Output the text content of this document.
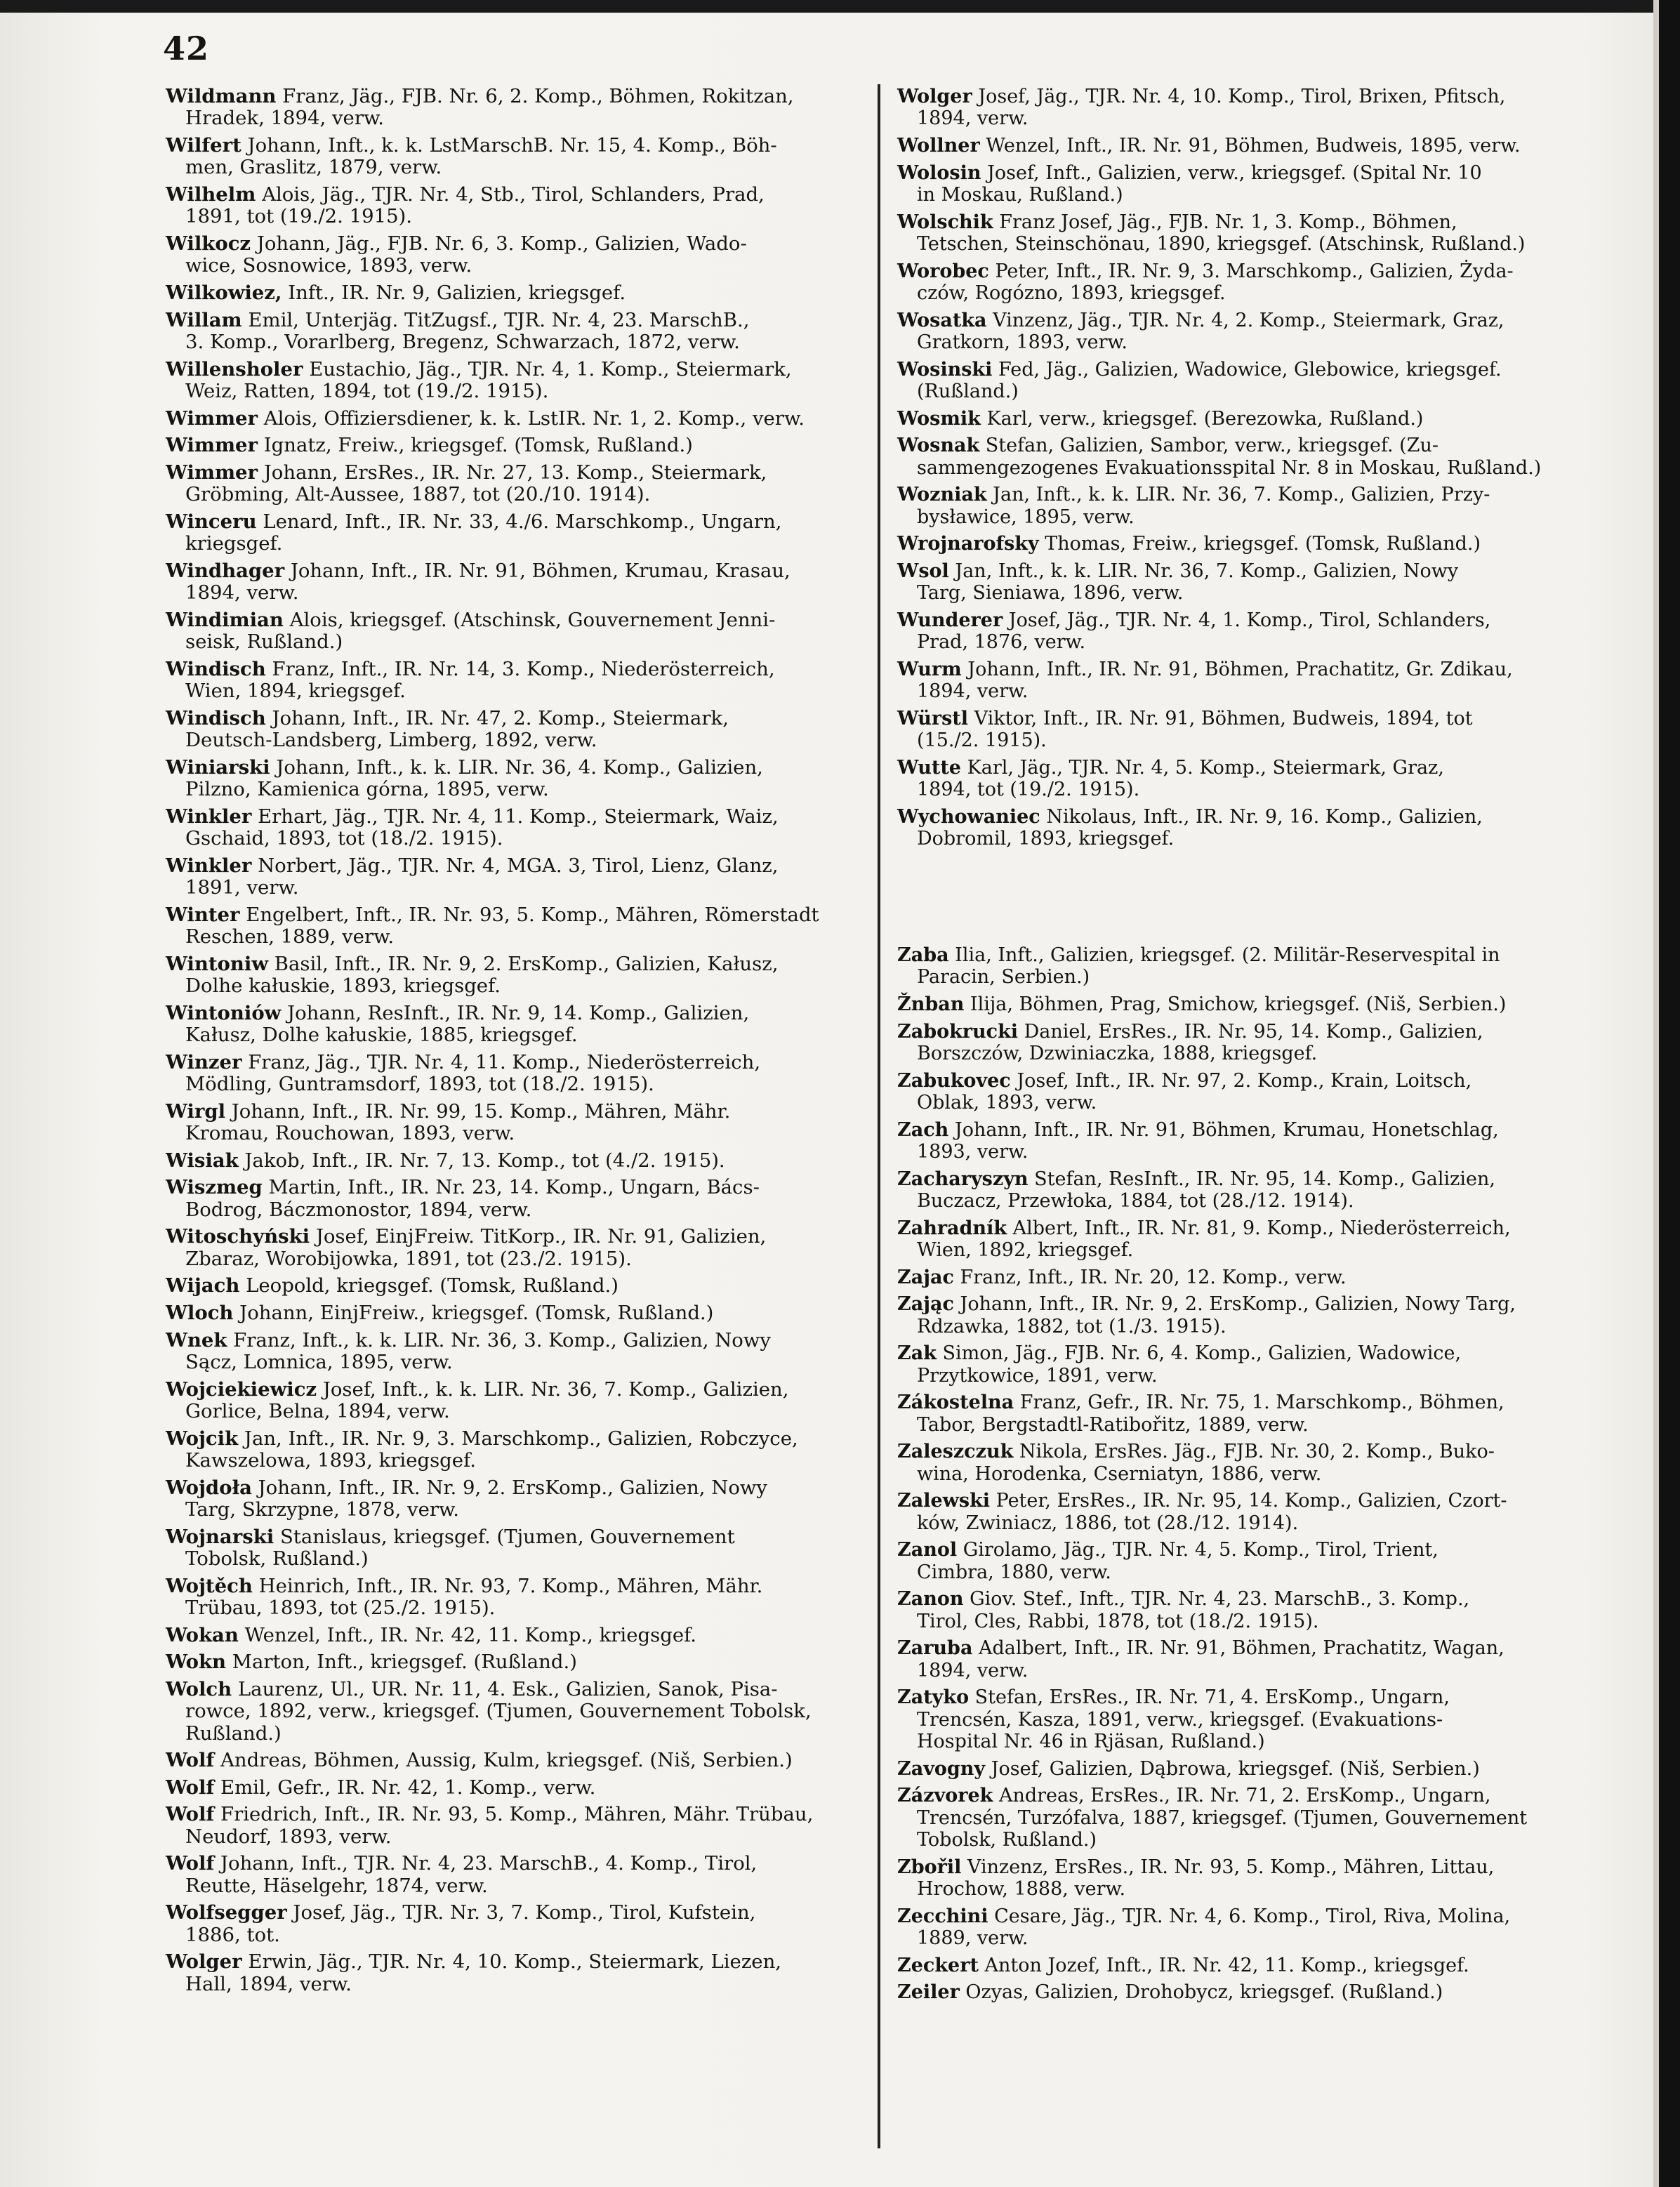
42
Wildmann Franz, Jäg., FJB. Nr. 6, 2. Komp., Böhmen, Rokitzan,
Hradek, 1894, verw.
Wilfert Johann, Inft., k. k. LstMarschB. Nr. 15, 4. Komp., Böh-
men, Graslitz, 1879, verw.
Wilhelm Alois, Jäg., TJR. Nr. 4, Stb., Tirol, Schlanders, Prad,
1891, tot (19./2. 1915).
Wilkocz Johann, Jäg., FJB. Nr. 6, 3. Komp., Galizien, Wado-
wice, Sosnowice, 1893, verw.
Wilkowiez, Inft., IR. Nr. 9, Galizien, kriegsgef.
Willam Emil, Unterjäg. TitZugsf., TJR. Nr. 4, 23. MarschB.,
3. Komp., Vorarlberg, Bregenz, Schwarzach, 1872, verw.
Willensholer Eustachio, Jäg., TJR. Nr. 4, 1. Komp., Steiermark,
Weiz, Ratten, 1894, tot (19./2. 1915).
Wimmer Alois, Offiziersdiener, k. k. LstIR. Nr. 1, 2. Komp., verw.
Wimmer Ignatz, Freiw., kriegsgef. (Tomsk, Rußland.)
Wimmer Johann, ErsRes., IR. Nr. 27, 13. Komp., Steiermark,
Gröbming, Alt-Aussee, 1887, tot (20./10. 1914).
Winceru Lenard, Inft., IR. Nr. 33, 4./6. Marschkomp., Ungarn,
kriegsgef.
Windhager Johann, Inft., IR. Nr. 91, Böhmen, Krumau, Krasau,
1894, verw.
Windimian Alois, kriegsgef. (Atschinsk, Gouvernement Jenni-
seisk, Rußland.)
Windisch Franz, Inft., IR. Nr. 14, 3. Komp., Niederösterreich,
Wien, 1894, kriegsgef.
Windisch Johann, Inft., IR. Nr. 47, 2. Komp., Steiermark,
Deutsch-Landsberg, Limberg, 1892, verw.
Winiarski Johann, Inft., k. k. LIR. Nr. 36, 4. Komp., Galizien,
Pilzno, Kamienica górna, 1895, verw.
Winkler Erhart, Jäg., TJR. Nr. 4, 11. Komp., Steiermark, Waiz,
Gschaid, 1893, tot (18./2. 1915).
Winkler Norbert, Jäg., TJR. Nr. 4, MGA. 3, Tirol, Lienz, Glanz,
1891, verw.
Winter Engelbert, Inft., IR. Nr. 93, 5. Komp., Mähren, Römerstadt
Reschen, 1889, verw.
Wintoniw Basil, Inft., IR. Nr. 9, 2. ErsKomp., Galizien, Kałusz,
Dolhe kałuskie, 1893, kriegsgef.
Wintoniów Johann, ResInft., IR. Nr. 9, 14. Komp., Galizien,
Kałusz, Dolhe kałuskie, 1885, kriegsgef.
Winzer Franz, Jäg., TJR. Nr. 4, 11. Komp., Niederösterreich,
Mödling, Guntramsdorf, 1893, tot (18./2. 1915).
Wirgl Johann, Inft., IR. Nr. 99, 15. Komp., Mähren, Mähr.
Kromau, Rouchowan, 1893, verw.
Wisiak Jakob, Inft., IR. Nr. 7, 13. Komp., tot (4./2. 1915).
Wiszmeg Martin, Inft., IR. Nr. 23, 14. Komp., Ungarn, Bács-
Bodrog, Báczmonostor, 1894, verw.
Witoschyński Josef, EinjFreiw. TitKorp., IR. Nr. 91, Galizien,
Zbaraz, Worobijowka, 1891, tot (23./2. 1915).
Wijach Leopold, kriegsgef. (Tomsk, Rußland.)
Wloch Johann, EinjFreiw., kriegsgef. (Tomsk, Rußland.)
Wnek Franz, Inft., k. k. LIR. Nr. 36, 3. Komp., Galizien, Nowy
Sącz, Lomnica, 1895, verw.
Wojciekiewicz Josef, Inft., k. k. LIR. Nr. 36, 7. Komp., Galizien,
Gorlice, Belna, 1894, verw.
Wojcik Jan, Inft., IR. Nr. 9, 3. Marschkomp., Galizien, Robczyce,
Kawszelowa, 1893, kriegsgef.
Wojdoła Johann, Inft., IR. Nr. 9, 2. ErsKomp., Galizien, Nowy
Targ, Skrzypne, 1878, verw.
Wojnarski Stanislaus, kriegsgef. (Tjumen, Gouvernement
Tobolsk, Rußland.)
Wojtěch Heinrich, Inft., IR. Nr. 93, 7. Komp., Mähren, Mähr.
Trübau, 1893, tot (25./2. 1915).
Wokan Wenzel, Inft., IR. Nr. 42, 11. Komp., kriegsgef.
Wokn Marton, Inft., kriegsgef. (Rußland.)
Wolch Laurenz, Ul., UR. Nr. 11, 4. Esk., Galizien, Sanok, Pisa-
rowce, 1892, verw., kriegsgef. (Tjumen, Gouvernement Tobolsk,
Rußland.)
Wolf Andreas, Böhmen, Aussig, Kulm, kriegsgef. (Niš, Serbien.)
Wolf Emil, Gefr., IR. Nr. 42, 1. Komp., verw.
Wolf Friedrich, Inft., IR. Nr. 93, 5. Komp., Mähren, Mähr. Trübau,
Neudorf, 1893, verw.
Wolf Johann, Inft., TJR. Nr. 4, 23. MarschB., 4. Komp., Tirol,
Reutte, Häselgehr, 1874, verw.
Wolfsegger Josef, Jäg., TJR. Nr. 3, 7. Komp., Tirol, Kufstein,
1886, tot.
Wolger Erwin, Jäg., TJR. Nr. 4, 10. Komp., Steiermark, Liezen,
Hall, 1894, verw.
Wolger Josef, Jäg., TJR. Nr. 4, 10. Komp., Tirol, Brixen, Pfitsch,
1894, verw.
Wollner Wenzel, Inft., IR. Nr. 91, Böhmen, Budweis, 1895, verw.
Wolosin Josef, Inft., Galizien, verw., kriegsgef. (Spital Nr. 10
in Moskau, Rußland.)
Wolschik Franz Josef, Jäg., FJB. Nr. 1, 3. Komp., Böhmen,
Tetschen, Steinschönau, 1890, kriegsgef. (Atschinsk, Rußland.)
Worobec Peter, Inft., IR. Nr. 9, 3. Marschkomp., Galizien, Żyda-
czów, Rogózno, 1893, kriegsgef.
Wosatka Vinzenz, Jäg., TJR. Nr. 4, 2. Komp., Steiermark, Graz,
Gratkorn, 1893, verw.
Wosinski Fed, Jäg., Galizien, Wadowice, Glebowice, kriegsgef.
(Rußland.)
Wosmik Karl, verw., kriegsgef. (Berezowka, Rußland.)
Wosnak Stefan, Galizien, Sambor, verw., kriegsgef. (Zu-
sammengezogenes Evakuationsspital Nr. 8 in Moskau, Rußland.)
Wozniak Jan, Inft., k. k. LIR. Nr. 36, 7. Komp., Galizien, Przy-
bysławice, 1895, verw.
Wrojnarofsky Thomas, Freiw., kriegsgef. (Tomsk, Rußland.)
Wsol Jan, Inft., k. k. LIR. Nr. 36, 7. Komp., Galizien, Nowy
Targ, Sieniawa, 1896, verw.
Wunderer Josef, Jäg., TJR. Nr. 4, 1. Komp., Tirol, Schlanders,
Prad, 1876, verw.
Wurm Johann, Inft., IR. Nr. 91, Böhmen, Prachatitz, Gr. Zdikau,
1894, verw.
Würstl Viktor, Inft., IR. Nr. 91, Böhmen, Budweis, 1894, tot
(15./2. 1915).
Wutte Karl, Jäg., TJR. Nr. 4, 5. Komp., Steiermark, Graz,
1894, tot (19./2. 1915).
Wychowaniec Nikolaus, Inft., IR. Nr. 9, 16. Komp., Galizien,
Dobromil, 1893, kriegsgef.
Zaba Ilia, Inft., Galizien, kriegsgef. (2. Militär-Reservespital in
Paracin, Serbien.)
Žnban Ilija, Böhmen, Prag, Smichow, kriegsgef. (Niš, Serbien.)
Zabokrucki Daniel, ErsRes., IR. Nr. 95, 14. Komp., Galizien,
Borszczów, Dzwiniaczka, 1888, kriegsgef.
Zabukovec Josef, Inft., IR. Nr. 97, 2. Komp., Krain, Loitsch,
Oblak, 1893, verw.
Zach Johann, Inft., IR. Nr. 91, Böhmen, Krumau, Honetschlag,
1893, verw.
Zacharyszyn Stefan, ResInft., IR. Nr. 95, 14. Komp., Galizien,
Buczacz, Przewłoka, 1884, tot (28./12. 1914).
Zahradník Albert, Inft., IR. Nr. 81, 9. Komp., Niederösterreich,
Wien, 1892, kriegsgef.
Zajac Franz, Inft., IR. Nr. 20, 12. Komp., verw.
Zając Johann, Inft., IR. Nr. 9, 2. ErsKomp., Galizien, Nowy Targ,
Rdzawka, 1882, tot (1./3. 1915).
Zak Simon, Jäg., FJB. Nr. 6, 4. Komp., Galizien, Wadowice,
Przytkowice, 1891, verw.
Zákostelna Franz, Gefr., IR. Nr. 75, 1. Marschkomp., Böhmen,
Tabor, Bergstadtl-Ratibořitz, 1889, verw.
Zaleszczuk Nikola, ErsRes. Jäg., FJB. Nr. 30, 2. Komp., Buko-
wina, Horodenka, Cserniatyn, 1886, verw.
Zalewski Peter, ErsRes., IR. Nr. 95, 14. Komp., Galizien, Czort-
ków, Zwiniacz, 1886, tot (28./12. 1914).
Zanol Girolamo, Jäg., TJR. Nr. 4, 5. Komp., Tirol, Trient,
Cimbra, 1880, verw.
Zanon Giov. Stef., Inft., TJR. Nr. 4, 23. MarschB., 3. Komp.,
Tirol, Cles, Rabbi, 1878, tot (18./2. 1915).
Zaruba Adalbert, Inft., IR. Nr. 91, Böhmen, Prachatitz, Wagan,
1894, verw.
Zatyko Stefan, ErsRes., IR. Nr. 71, 4. ErsKomp., Ungarn,
Trencsén, Kasza, 1891, verw., kriegsgef. (Evakuations-
Hospital Nr. 46 in Rjäsan, Rußland.)
Zavogny Josef, Galizien, Dąbrowa, kriegsgef. (Niš, Serbien.)
Zázvorek Andreas, ErsRes., IR. Nr. 71, 2. ErsKomp., Ungarn,
Trencsén, Turzófalva, 1887, kriegsgef. (Tjumen, Gouvernement
Tobolsk, Rußland.)
Zbořil Vinzenz, ErsRes., IR. Nr. 93, 5. Komp., Mähren, Littau,
Hrochow, 1888, verw.
Zecchini Cesare, Jäg., TJR. Nr. 4, 6. Komp., Tirol, Riva, Molina,
1889, verw.
Zeckert Anton Jozef, Inft., IR. Nr. 42, 11. Komp., kriegsgef.
Zeiler Ozyas, Galizien, Drohobycz, kriegsgef. (Rußland.)
